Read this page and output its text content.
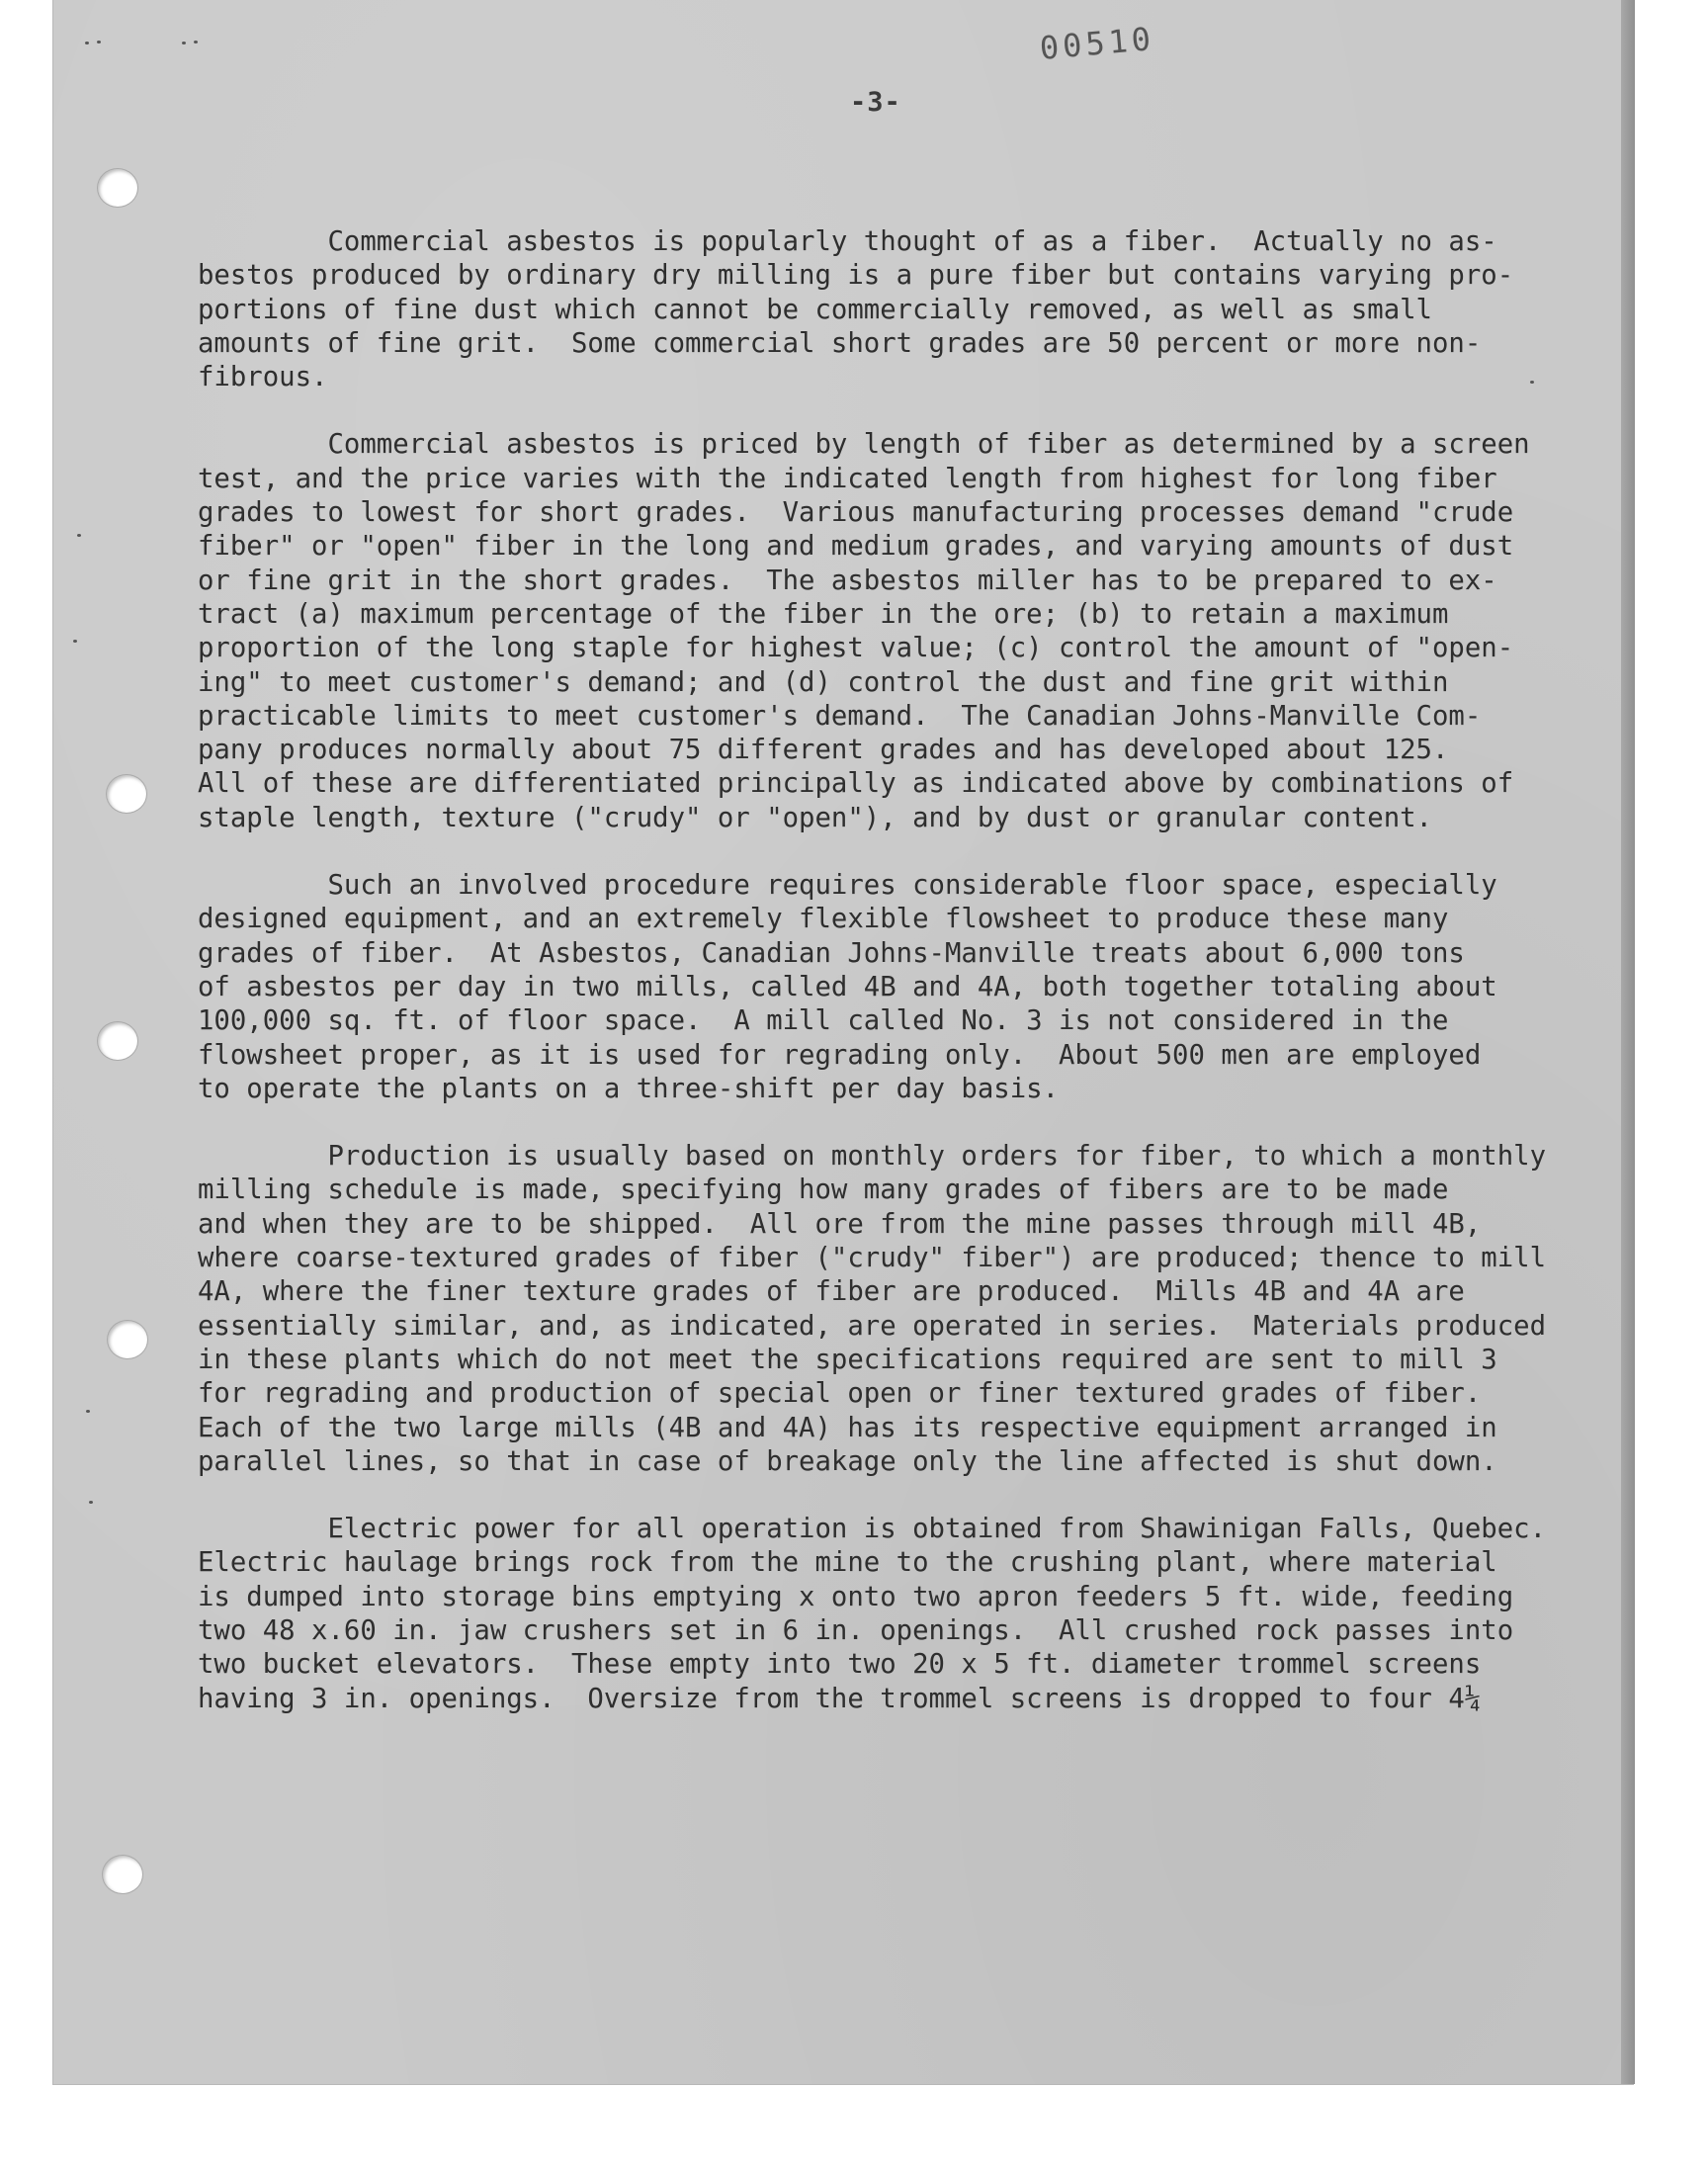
-3-

00510

Commercial asbestos is popularly thought of as a fiber.  Actually no as-
bestos produced by ordinary dry milling is a pure fiber but contains varying pro-
portions of fine dust which cannot be commercially removed, as well as small
amounts of fine grit.  Some commercial short grades are 50 percent or more non-
fibrous.

Commercial asbestos is priced by length of fiber as determined by a screen
test, and the price varies with the indicated length from highest for long fiber
grades to lowest for short grades.  Various manufacturing processes demand "crude
fiber" or "open" fiber in the long and medium grades, and varying amounts of dust
or fine grit in the short grades.  The asbestos miller has to be prepared to ex-
tract (a) maximum percentage of the fiber in the ore; (b) to retain a maximum
proportion of the long staple for highest value; (c) control the amount of "open-
ing" to meet customer's demand; and (d) control the dust and fine grit within
practicable limits to meet customer's demand.  The Canadian Johns-Manville Com-
pany produces normally about 75 different grades and has developed about 125.
All of these are differentiated principally as indicated above by combinations of
staple length, texture ("crudy" or "open"), and by dust or granular content.

Such an involved procedure requires considerable floor space, especially
designed equipment, and an extremely flexible flowsheet to produce these many
grades of fiber.  At Asbestos, Canadian Johns-Manville treats about 6,000 tons
of asbestos per day in two mills, called 4B and 4A, both together totaling about
100,000 sq. ft. of floor space.  A mill called No. 3 is not considered in the
flowsheet proper, as it is used for regrading only.  About 500 men are employed
to operate the plants on a three-shift per day basis.

Production is usually based on monthly orders for fiber, to which a monthly
milling schedule is made, specifying how many grades of fibers are to be made
and when they are to be shipped.  All ore from the mine passes through mill 4B,
where coarse-textured grades of fiber ("crudy" fiber") are produced; thence to mill
4A, where the finer texture grades of fiber are produced.  Mills 4B and 4A are
essentially similar, and, as indicated, are operated in series.  Materials produced
in these plants which do not meet the specifications required are sent to mill 3
for regrading and production of special open or finer textured grades of fiber.
Each of the two large mills (4B and 4A) has its respective equipment arranged in
parallel lines, so that in case of breakage only the line affected is shut down.

Electric power for all operation is obtained from Shawinigan Falls, Quebec.
Electric haulage brings rock from the mine to the crushing plant, where material
is dumped into storage bins emptying x onto two apron feeders 5 ft. wide, feeding
two 48 x.60 in. jaw crushers set in 6 in. openings.  All crushed rock passes into
two bucket elevators.  These empty into two 20 x 5 ft. diameter trommel screens
having 3 in. openings.  Oversize from the trommel screens is dropped to four 4¼
